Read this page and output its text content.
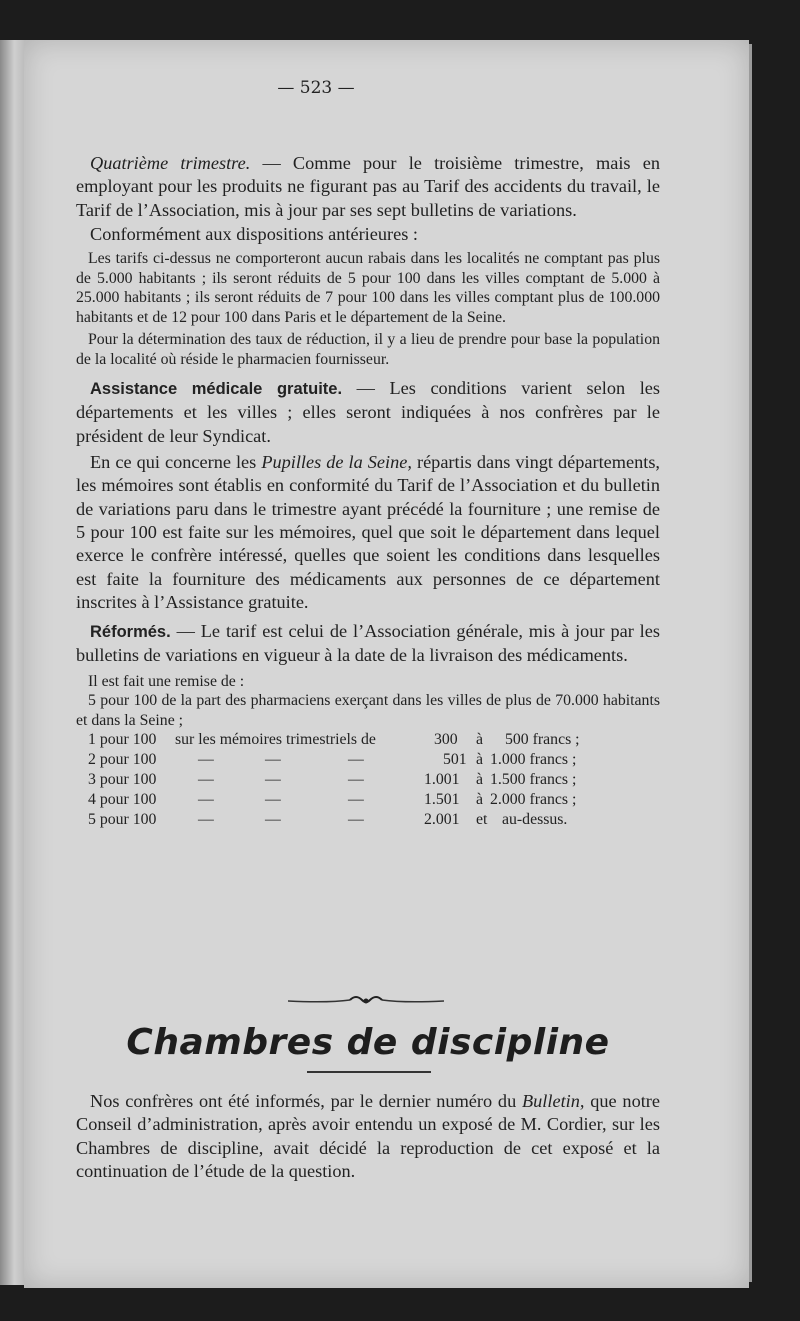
— 523 —

Quatrième trimestre. — Comme pour le troisième trimestre, mais en employant pour les produits ne figurant pas au Tarif des accidents du travail, le Tarif de l’Association, mis à jour par ses sept bulletins de variations.

Conformément aux dispositions antérieures :

Les tarifs ci-dessus ne comporteront aucun rabais dans les localités ne comptant pas plus de 5.000 habitants ; ils seront réduits de 5 pour 100 dans les villes comptant de 5.000 à 25.000 habitants ; ils seront réduits de 7 pour 100 dans les villes comptant plus de 100.000 habitants et de 12 pour 100 dans Paris et le département de la Seine.

Pour la détermination des taux de réduction, il y a lieu de prendre pour base la population de la localité où réside le pharmacien fournisseur.

Assistance médicale gratuite. — Les conditions varient selon les départements et les villes ; elles seront indiquées à nos confrères par le président de leur Syndicat.

En ce qui concerne les Pupilles de la Seine, répartis dans vingt départements, les mémoires sont établis en conformité du Tarif de l’Association et du bulletin de variations paru dans le trimestre ayant précédé la fourniture ; une remise de 5 pour 100 est faite sur les mémoires, quel que soit le département dans lequel exerce le confrère intéressé, quelles que soient les conditions dans lesquelles est faite la fourniture des médicaments aux personnes de ce département inscrites à l’Assistance gratuite.

Réformés. — Le tarif est celui de l’Association générale, mis à jour par les bulletins de variations en vigueur à la date de la livraison des médicaments.

Il est fait une remise de :

5 pour 100 de la part des pharmaciens exerçant dans les villes de plus de 70.000 habitants et dans la Seine ;

1 pour 100 sur les mémoires trimestriels de	300 à 500 francs ;
2 pour 100	—	—	—	501 à 1.000 francs ;
3 pour 100	—	—	—	1.001 à 1.500 francs ;
4 pour 100	—	—	—	1.501 à 2.000 francs ;
5 pour 100	—	—	—	2.001 et au-dessus.
Chambres de discipline

Nos confrères ont été informés, par le dernier numéro du Bulletin, que notre Conseil d’administration, après avoir entendu un exposé de M. Cordier, sur les Chambres de discipline, avait décidé la reproduction de cet exposé et la continuation de l’étude de la question.
